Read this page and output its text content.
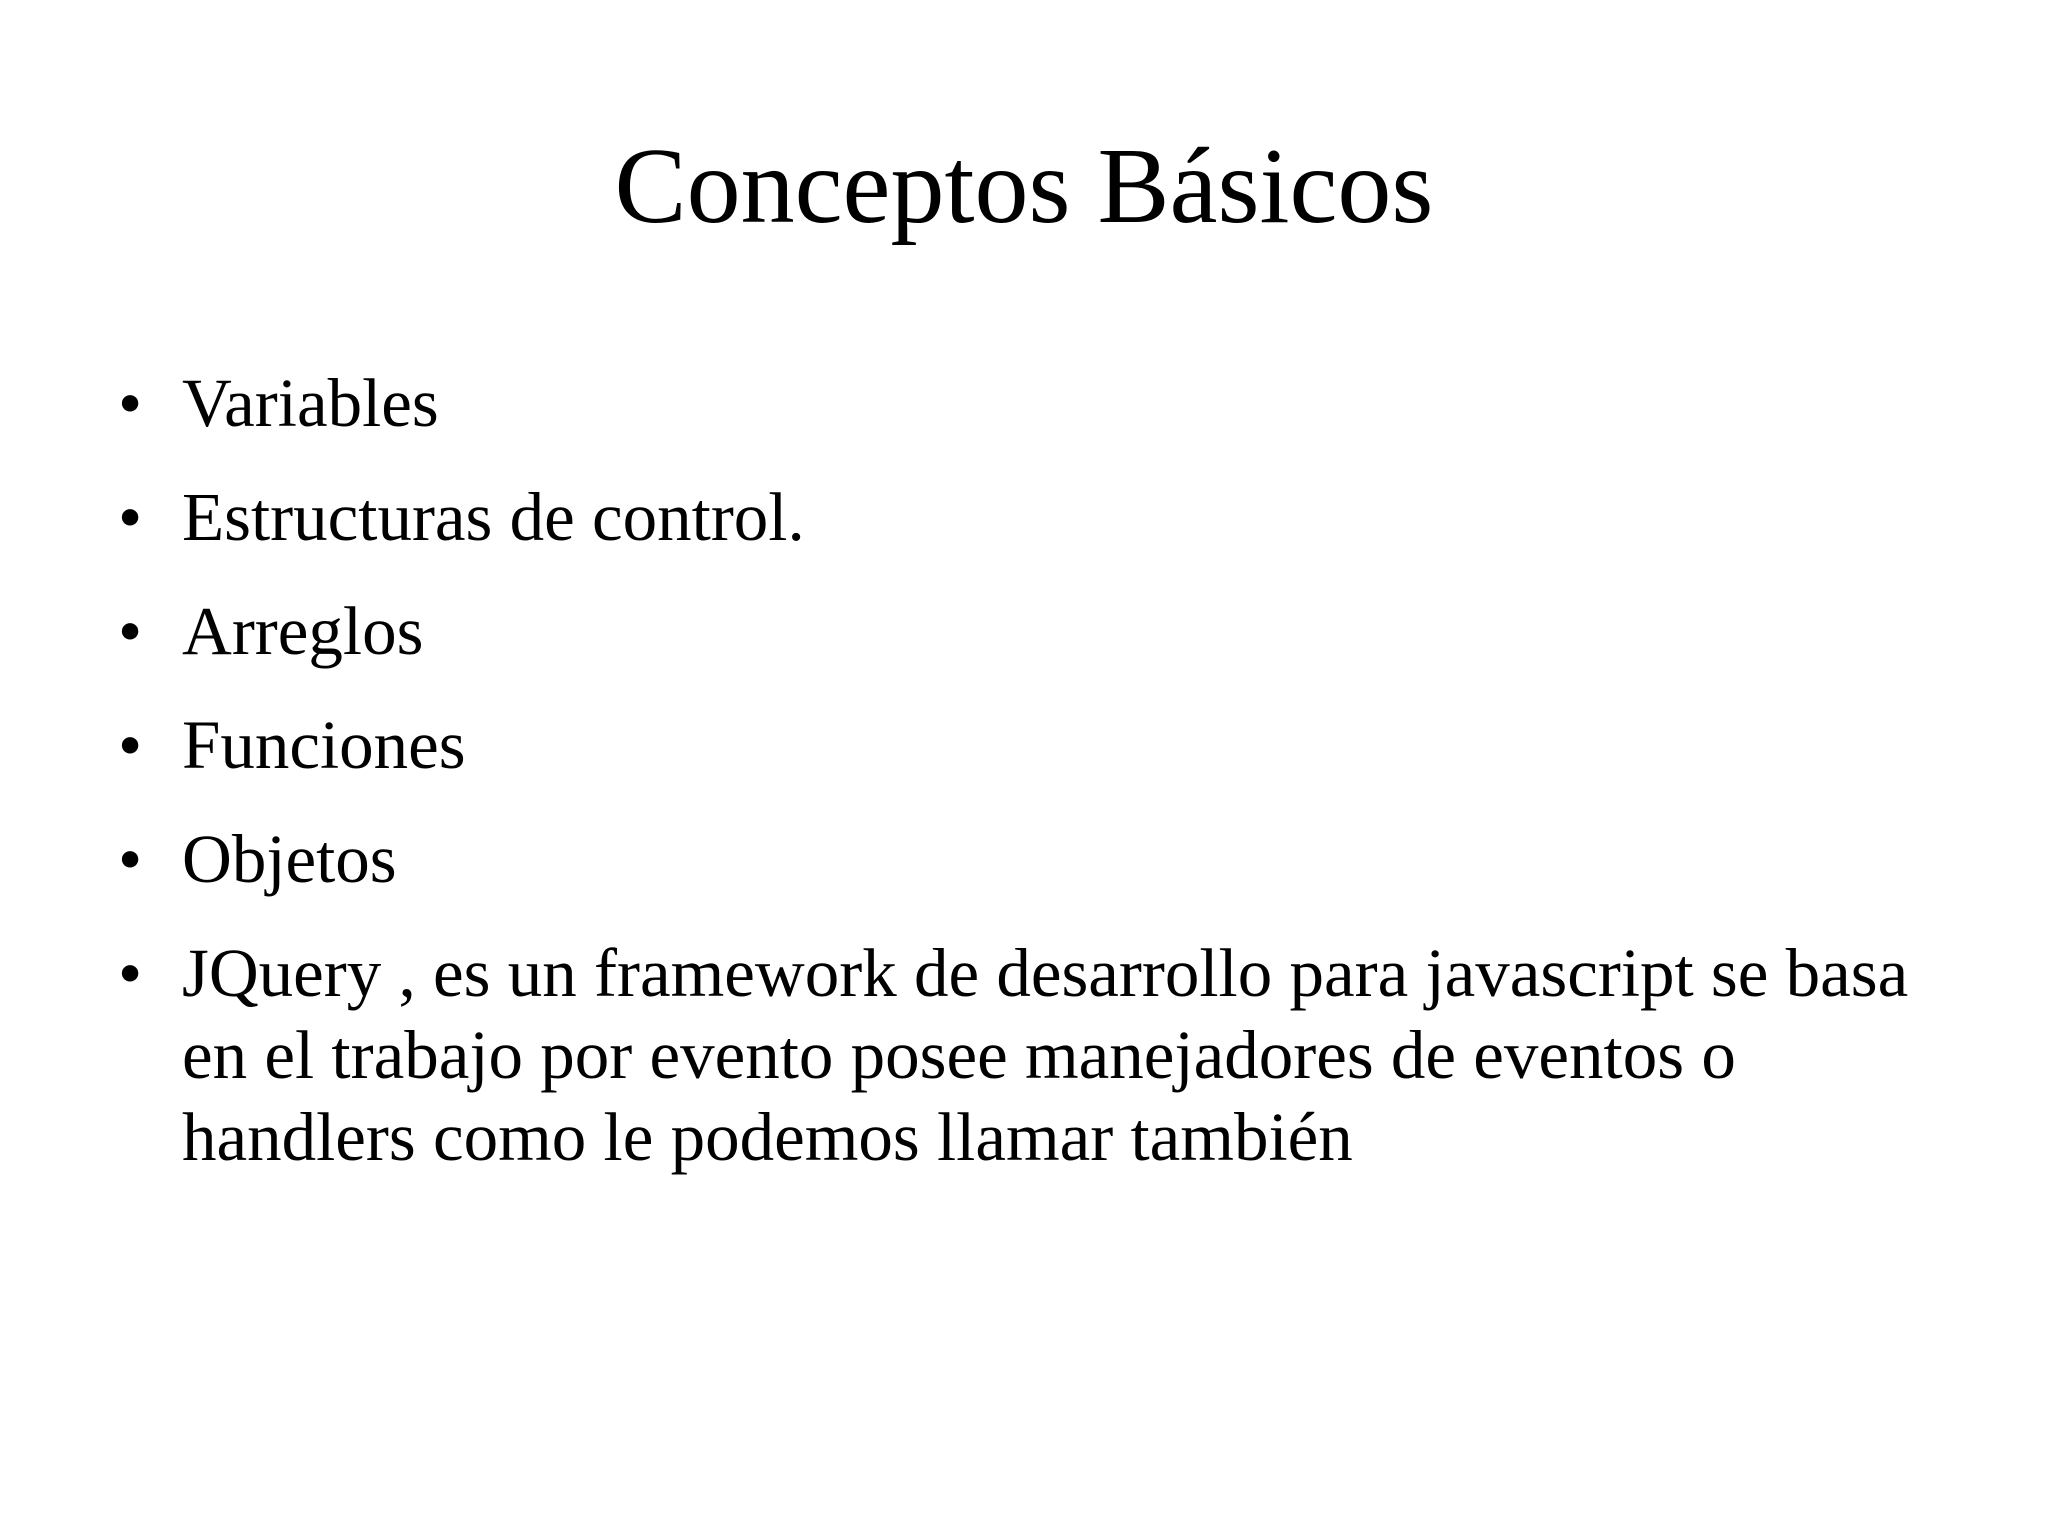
Conceptos Básicos
• Variables
• Estructuras de control.
• Arreglos
• Funciones
• Objetos
• JQuery , es un framework de desarrollo para javascript se basa en el trabajo por evento posee manejadores de eventos o handlers como le podemos llamar también
